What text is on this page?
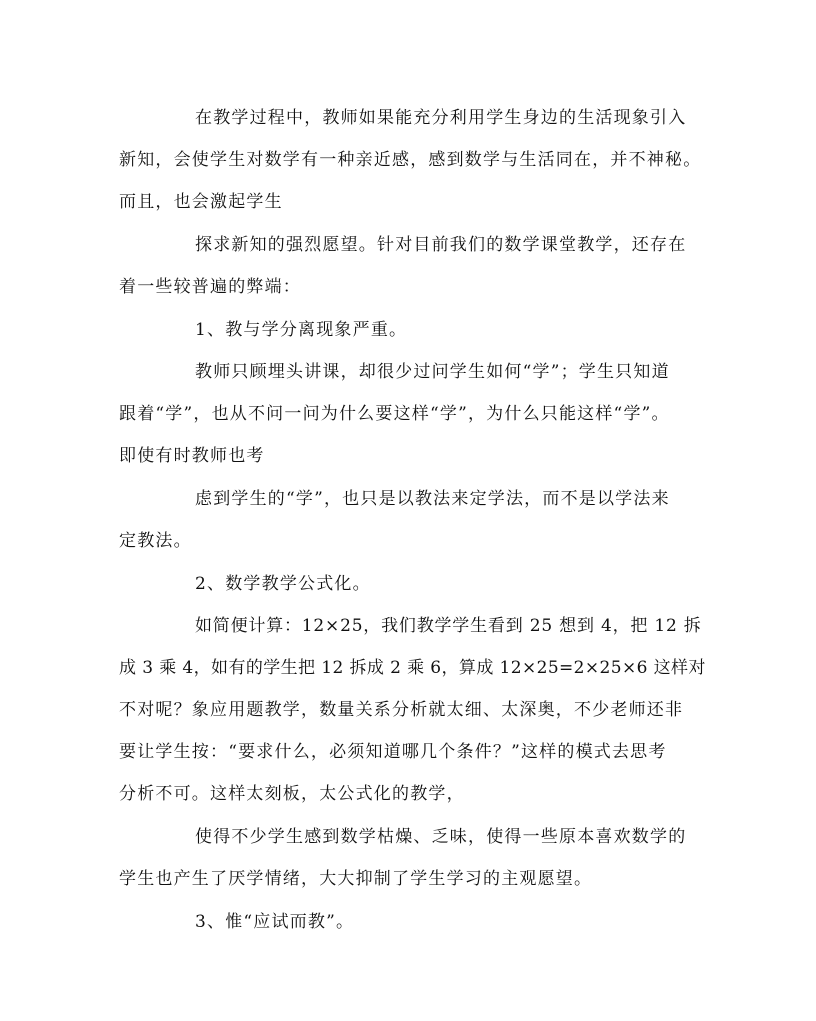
在教学过程中，教师如果能充分利用学生身边的生活现象引入
新知，会使学生对数学有一种亲近感，感到数学与生活同在，并不神秘。
而且，也会激起学生
探求新知的强烈愿望。针对目前我们的数学课堂教学，还存在
着一些较普遍的弊端：
1、教与学分离现象严重。
教师只顾埋头讲课，却很少过问学生如何“学”；学生只知道
跟着“学”，也从不问一问为什么要这样“学”，为什么只能这样“学”。
即使有时教师也考
虑到学生的“学”，也只是以教法来定学法，而不是以学法来
定教法。
2、数学教学公式化。
如简便计算：12×25，我们教学学生看到 25 想到 4，把 12 拆
成 3 乘 4，如有的学生把 12 拆成 2 乘 6，算成 12×25=2×25×6 这样对
不对呢？象应用题教学，数量关系分析就太细、太深奥，不少老师还非
要让学生按：“要求什么，必须知道哪几个条件？”这样的模式去思考
分析不可。这样太刻板，太公式化的教学，
使得不少学生感到数学枯燥、乏味，使得一些原本喜欢数学的
学生也产生了厌学情绪，大大抑制了学生学习的主观愿望。
3、惟“应试而教”。
